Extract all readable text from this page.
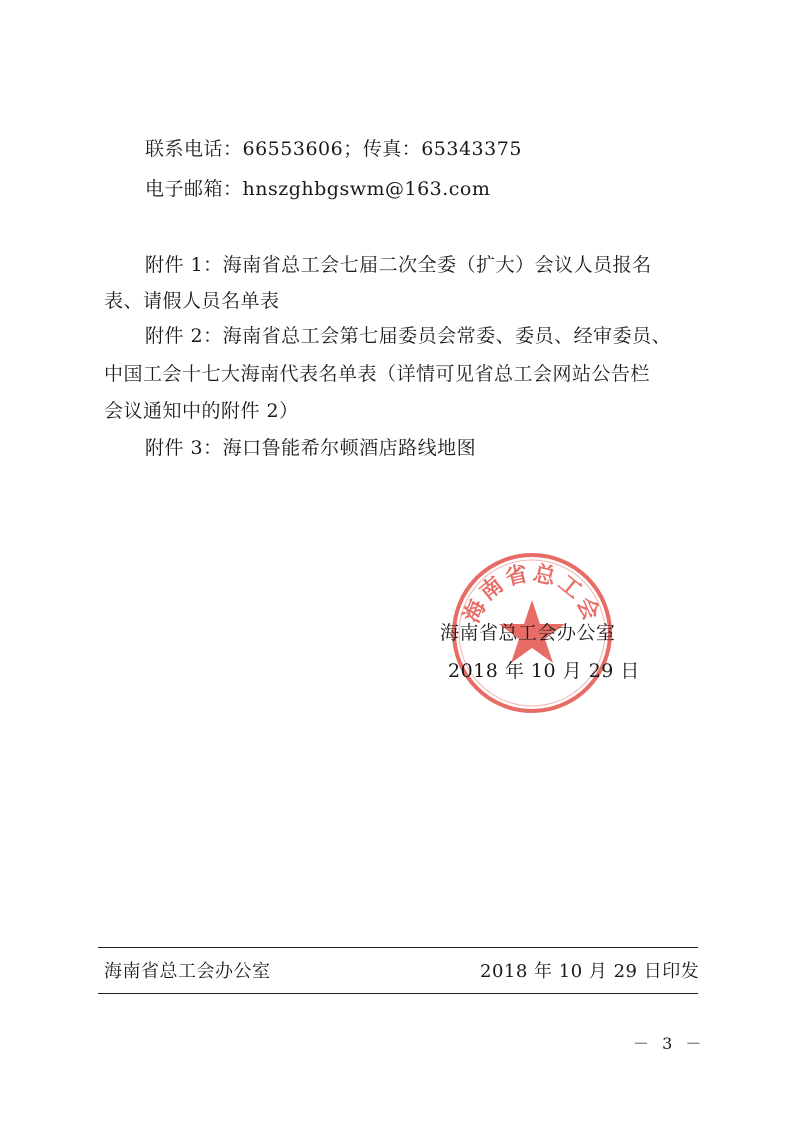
联系电话：66553606；传真：65343375
电子邮箱：hnszghbgswm@163.com
附件 1：海南省总工会七届二次全委（扩大）会议人员报名
表、请假人员名单表
附件 2：海南省总工会第七届委员会常委、委员、经审委员、
中国工会十七大海南代表名单表（详情可见省总工会网站公告栏
会议通知中的附件 2）
附件 3：海口鲁能希尔顿酒店路线地图
海南省总工会
海南省总工会办公室
2018 年 10 月 29 日
海南省总工会办公室	2018 年 10 月 29 日印发
－ 3 －
